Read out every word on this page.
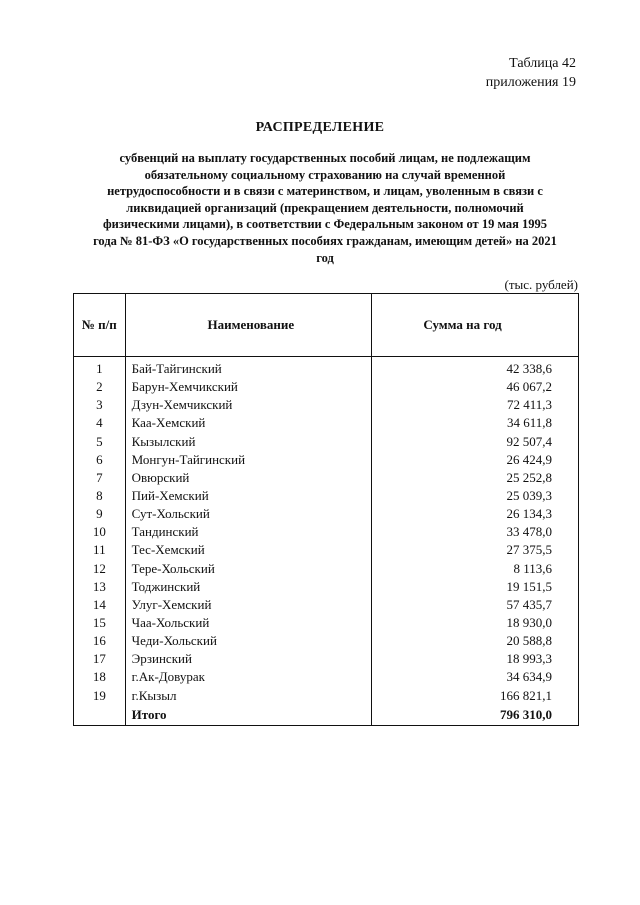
Таблица 42
приложения 19
РАСПРЕДЕЛЕНИЕ
субвенций на выплату государственных пособий лицам, не подлежащим обязательному социальному страхованию на случай временной нетрудоспособности и в связи с материнством, и лицам, уволенным в связи с ликвидацией организаций (прекращением деятельности, полномочий физическими лицами), в соответствии с Федеральным законом от 19 мая 1995 года № 81-ФЗ «О государственных пособиях гражданам, имеющим детей» на 2021 год
(тыс. рублей)
№ п/п	Наименование	Сумма на год
1	Бай-Тайгинский	42 338,6
2	Барун-Хемчикский	46 067,2
3	Дзун-Хемчикский	72 411,3
4	Каа-Хемский	34 611,8
5	Кызылский	92 507,4
6	Монгун-Тайгинский	26 424,9
7	Овюрский	25 252,8
8	Пий-Хемский	25 039,3
9	Сут-Хольский	26 134,3
10	Тандинский	33 478,0
11	Тес-Хемский	27 375,5
12	Тере-Хольский	8 113,6
13	Тоджинский	19 151,5
14	Улуг-Хемский	57 435,7
15	Чаа-Хольский	18 930,0
16	Чеди-Хольский	20 588,8
17	Эрзинский	18 993,3
18	г.Ак-Довурак	34 634,9
19	г.Кызыл	166 821,1
	Итого	796 310,0
